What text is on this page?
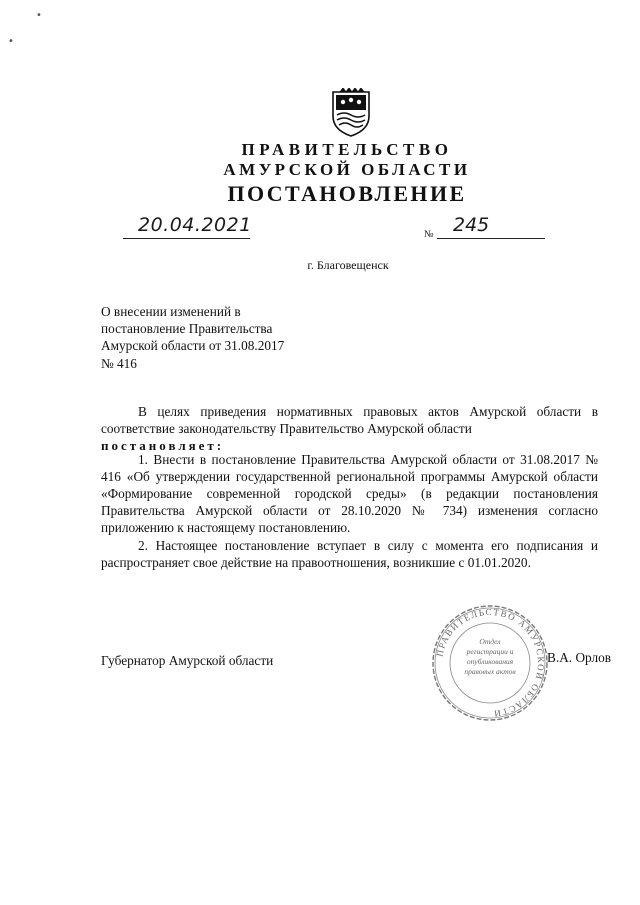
•
•
ПРАВИТЕЛЬСТВО
АМУРСКОЙ ОБЛАСТИ
ПОСТАНОВЛЕНИЕ
20.04.2021	№ 245
г. Благовещенск
О внесении изменений в
постановление Правительства
Амурской области от 31.08.2017
№ 416
В целях приведения нормативных правовых актов Амурской области в соответствие законодательству Правительство Амурской области
постановляет:
1. Внести в постановление Правительства Амурской области от 31.08.2017 № 416 «Об утверждении государственной региональной программы Амурской области «Формирование современной городской среды» (в редакции постановления Правительства Амурской области от 28.10.2020 № 734) изменения согласно приложению к настоящему постановлению.
2. Настоящее постановление вступает в силу с момента его подписания и распространяет свое действие на правоотношения, возникшие с 01.01.2020.
ПРАВИТЕЛЬСТВО АМУРСКОЙ ОБЛАСТИ
Отдел регистрации и опубликования правовых актов
Губернатор Амурской области	В.А. Орлов
